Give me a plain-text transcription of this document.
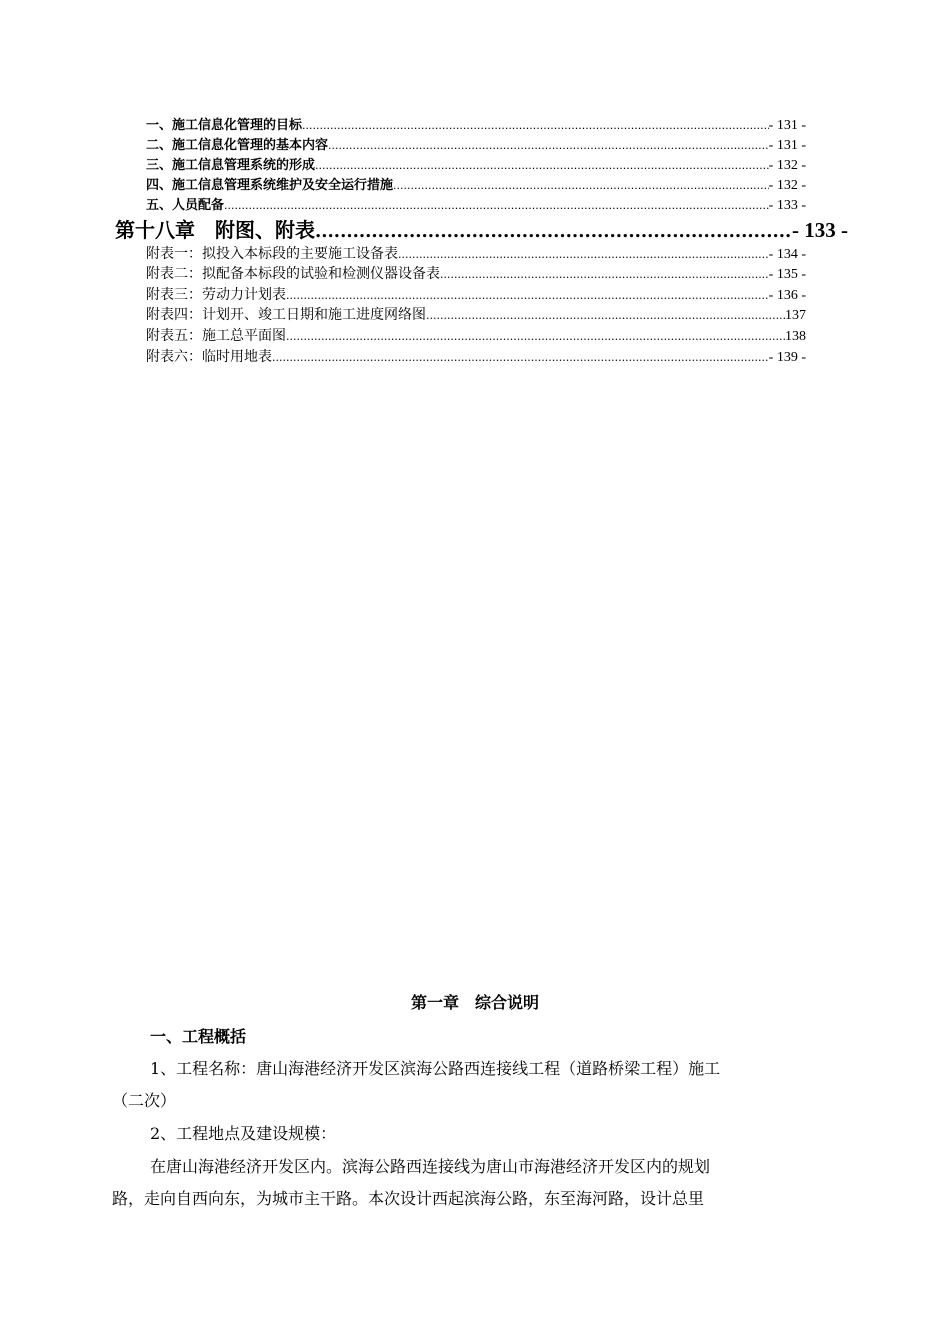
一、施工信息化管理的目标 .....	- 131 -
二、施工信息化管理的基本内容 .....	- 131 -
三、施工信息管理系统的形成 .....	- 132 -
四、施工信息管理系统维护及安全运行措施 .....	- 132 -
五、人员配备 .....	- 133 -
第十八章　附图、附表 .....	- 133 -
附表一：拟投入本标段的主要施工设备表 .....	- 134 -
附表二：拟配备本标段的试验和检测仪器设备表 .....	- 135 -
附表三：劳动力计划表 .....	- 136 -
附表四：计划开、竣工日期和施工进度网络图 .....	137
附表五：施工总平面图 .....	138
附表六：临时用地表 .....	- 139 -
第一章　综合说明
一、工程概括
1、工程名称：唐山海港经济开发区滨海公路西连接线工程（道路桥梁工程）施工
（二次）
2、工程地点及建设规模：
在唐山海港经济开发区内。滨海公路西连接线为唐山市海港经济开发区内的规划
路，走向自西向东，为城市主干路。本次设计西起滨海公路，东至海河路，设计总里
